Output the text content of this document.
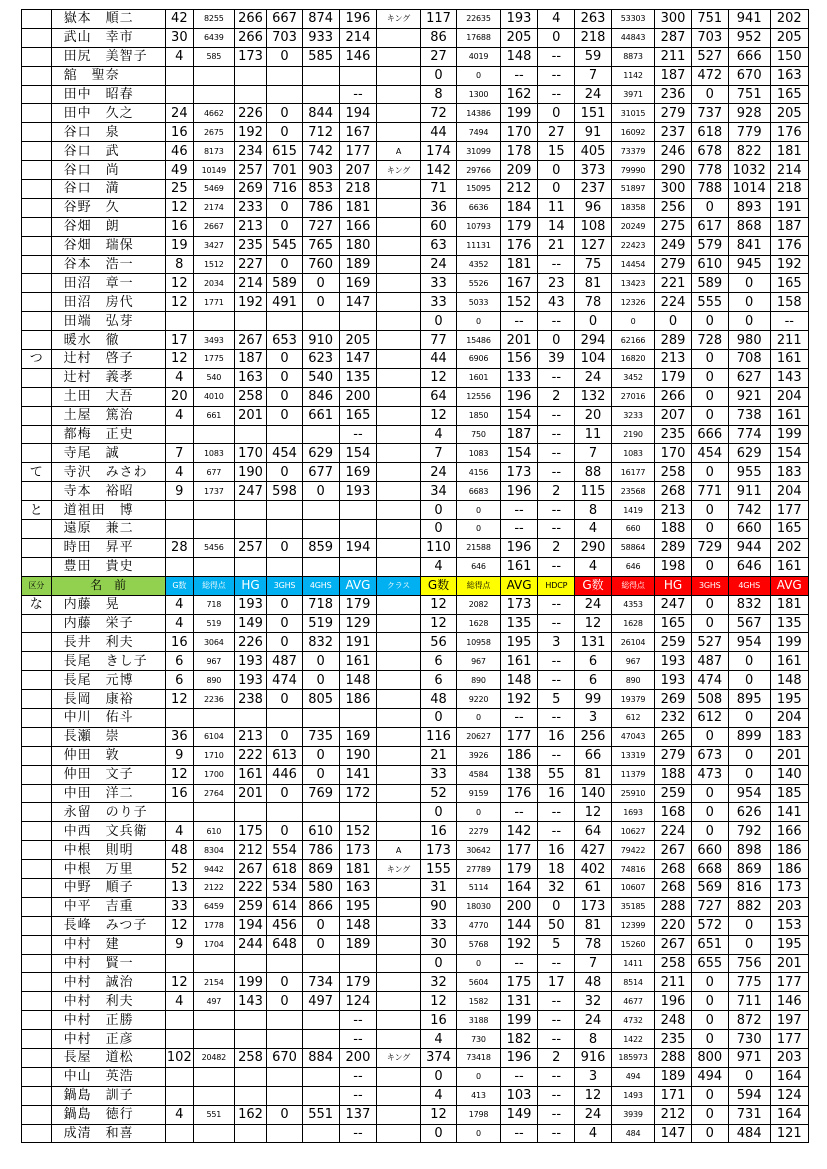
	嶽本　順二	42	8255	266	667	874	196	キング	117	22635	193	4	263	53303	300	751	941	202
	武山　幸市	30	6439	266	703	933	214		86	17688	205	0	218	44843	287	703	952	205
	田尻　美智子	4	585	173	0	585	146		27	4019	148	--	59	8873	211	527	666	150
	舘　聖奈								0	0	--	--	7	1142	187	472	670	163
	田中　昭春						--		8	1300	162	--	24	3971	236	0	751	165
	田中　久之	24	4662	226	0	844	194		72	14386	199	0	151	31015	279	737	928	205
	谷口　泉	16	2675	192	0	712	167		44	7494	170	27	91	16092	237	618	779	176
	谷口　武	46	8173	234	615	742	177	A	174	31099	178	15	405	73379	246	678	822	181
	谷口　尚	49	10149	257	701	903	207	キング	142	29766	209	0	373	79990	290	778	1032	214
	谷口　満	25	5469	269	716	853	218		71	15095	212	0	237	51897	300	788	1014	218
	谷野　久	12	2174	233	0	786	181		36	6636	184	11	96	18358	256	0	893	191
	谷畑　朗	16	2667	213	0	727	166		60	10793	179	14	108	20249	275	617	868	187
	谷畑　瑞保	19	3427	235	545	765	180		63	11131	176	21	127	22423	249	579	841	176
	谷本　浩一	8	1512	227	0	760	189		24	4352	181	--	75	14454	279	610	945	192
	田沼　章一	12	2034	214	589	0	169		33	5526	167	23	81	13423	221	589	0	165
	田沼　房代	12	1771	192	491	0	147		33	5033	152	43	78	12326	224	555	0	158
	田端　弘芽								0	0	--	--	0	0	0	0	0	--
	暖水　徹	17	3493	267	653	910	205		77	15486	201	0	294	62166	289	728	980	211
つ	辻村　啓子	12	1775	187	0	623	147		44	6906	156	39	104	16820	213	0	708	161
	辻村　義孝	4	540	163	0	540	135		12	1601	133	--	24	3452	179	0	627	143
	土田　大吾	20	4010	258	0	846	200		64	12556	196	2	132	27016	266	0	921	204
	土屋　篤治	4	661	201	0	661	165		12	1850	154	--	20	3233	207	0	738	161
	都梅　正史						--		4	750	187	--	11	2190	235	666	774	199
	寺尾　誠	7	1083	170	454	629	154		7	1083	154	--	7	1083	170	454	629	154
て	寺沢　みさわ	4	677	190	0	677	169		24	4156	173	--	88	16177	258	0	955	183
	寺本　裕昭	9	1737	247	598	0	193		34	6683	196	2	115	23568	268	771	911	204
と	道祖田　博								0	0	--	--	8	1419	213	0	742	177
	遠原　兼二								0	0	--	--	4	660	188	0	660	165
	時田　昇平	28	5456	257	0	859	194		110	21588	196	2	290	58864	289	729	944	202
	豊田　貴史								4	646	161	--	4	646	198	0	646	161
区分	名　前	G数	総得点	HG	3GHS	4GHS	AVG	クラス	G数	総得点	AVG	HDCP	G数	総得点	HG	3GHS	4GHS	AVG
な	内藤　晃	4	718	193	0	718	179		12	2082	173	--	24	4353	247	0	832	181
	内藤　栄子	4	519	149	0	519	129		12	1628	135	--	12	1628	165	0	567	135
	長井　利夫	16	3064	226	0	832	191		56	10958	195	3	131	26104	259	527	954	199
	長尾　きし子	6	967	193	487	0	161		6	967	161	--	6	967	193	487	0	161
	長尾　元博	6	890	193	474	0	148		6	890	148	--	6	890	193	474	0	148
	長岡　康裕	12	2236	238	0	805	186		48	9220	192	5	99	19379	269	508	895	195
	中川　佑斗								0	0	--	--	3	612	232	612	0	204
	長瀬　崇	36	6104	213	0	735	169		116	20627	177	16	256	47043	265	0	899	183
	仲田　敦	9	1710	222	613	0	190		21	3926	186	--	66	13319	279	673	0	201
	仲田　文子	12	1700	161	446	0	141		33	4584	138	55	81	11379	188	473	0	140
	中田　洋二	16	2764	201	0	769	172		52	9159	176	16	140	25910	259	0	954	185
	永留　のり子								0	0	--	--	12	1693	168	0	626	141
	中西　文兵衛	4	610	175	0	610	152		16	2279	142	--	64	10627	224	0	792	166
	中根　則明	48	8304	212	554	786	173	A	173	30642	177	16	427	79422	267	660	898	186
	中根　万里	52	9442	267	618	869	181	キング	155	27789	179	18	402	74816	268	668	869	186
	中野　順子	13	2122	222	534	580	163		31	5114	164	32	61	10607	268	569	816	173
	中平　吉重	33	6459	259	614	866	195		90	18030	200	0	173	35185	288	727	882	203
	長峰　みつ子	12	1778	194	456	0	148		33	4770	144	50	81	12399	220	572	0	153
	中村　建	9	1704	244	648	0	189		30	5768	192	5	78	15260	267	651	0	195
	中村　賢一								0	0	--	--	7	1411	258	655	756	201
	中村　誠治	12	2154	199	0	734	179		32	5604	175	17	48	8514	211	0	775	177
	中村　利夫	4	497	143	0	497	124		12	1582	131	--	32	4677	196	0	711	146
	中村　正勝						--		16	3188	199	--	24	4732	248	0	872	197
	中村　正彦						--		4	730	182	--	8	1422	235	0	730	177
	長屋　道松	102	20482	258	670	884	200	キング	374	73418	196	2	916	185973	288	800	971	203
	中山　英浩						--		0	0	--	--	3	494	189	494	0	164
	鍋島　訓子						--		4	413	103	--	12	1493	171	0	594	124
	鍋島　徳行	4	551	162	0	551	137		12	1798	149	--	24	3939	212	0	731	164
	成清　和喜						--		0	0	--	--	4	484	147	0	484	121
